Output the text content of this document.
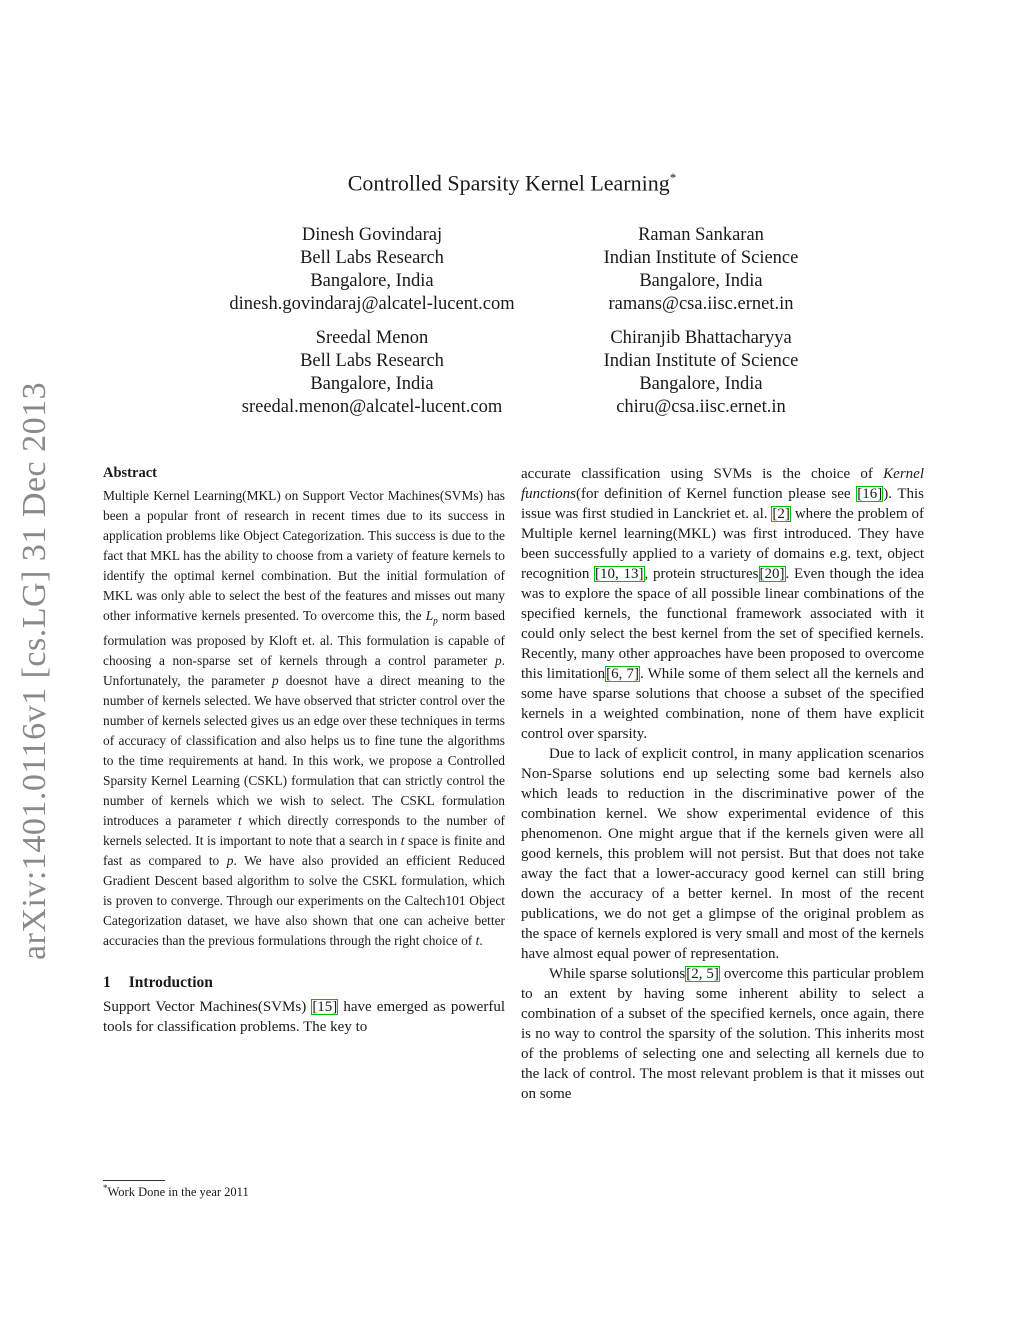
arXiv:1401.0116v1 [cs.LG] 31 Dec 2013
Controlled Sparsity Kernel Learning*
Dinesh Govindaraj
Bell Labs Research
Bangalore, India
dinesh.govindaraj@alcatel-lucent.com
Raman Sankaran
Indian Institute of Science
Bangalore, India
ramans@csa.iisc.ernet.in
Sreedal Menon
Bell Labs Research
Bangalore, India
sreedal.menon@alcatel-lucent.com
Chiranjib Bhattacharyya
Indian Institute of Science
Bangalore, India
chiru@csa.iisc.ernet.in
Abstract

Multiple Kernel Learning(MKL) on Support Vector Machines(SVMs) has been a popular front of research in recent times due to its success in application problems like Object Categorization. This success is due to the fact that MKL has the ability to choose from a variety of feature kernels to identify the optimal kernel combination. But the initial formulation of MKL was only able to select the best of the features and misses out many other informative kernels presented. To overcome this, the $L_p$ norm based formulation was proposed by Kloft et. al. This formulation is capable of choosing a non-sparse set of kernels through a control parameter p. Unfortunately, the parameter p doesnot have a direct meaning to the number of kernels selected. We have observed that stricter control over the number of kernels selected gives us an edge over these techniques in terms of accuracy of classification and also helps us to fine tune the algorithms to the time requirements at hand. In this work, we propose a Controlled Sparsity Kernel Learning (CSKL) formulation that can strictly control the number of kernels which we wish to select. The CSKL formulation introduces a parameter t which directly corresponds to the number of kernels selected. It is important to note that a search in t space is finite and fast as compared to p. We have also provided an efficient Reduced Gradient Descent based algorithm to solve the CSKL formulation, which is proven to converge. Through our experiments on the Caltech101 Object Categorization dataset, we have also shown that one can acheive better accuracies than the previous formulations through the right choice of t.

1 Introduction

Support Vector Machines(SVMs) [15] have emerged as powerful tools for classification problems. The key to

accurate classification using SVMs is the choice of Kernel functions(for definition of Kernel function please see [16]). This issue was first studied in Lanckriet et. al. [2] where the problem of Multiple kernel learning(MKL) was first introduced. They have been successfully applied to a variety of domains e.g. text, object recognition [10, 13], protein structures[20]. Even though the idea was to explore the space of all possible linear combinations of the specified kernels, the functional framework associated with it could only select the best kernel from the set of specified kernels. Recently, many other approaches have been proposed to overcome this limitation[6, 7]. While some of them select all the kernels and some have sparse solutions that choose a subset of the specified kernels in a weighted combination, none of them have explicit control over sparsity.

Due to lack of explicit control, in many application scenarios Non-Sparse solutions end up selecting some bad kernels also which leads to reduction in the discriminative power of the combination kernel. We show experimental evidence of this phenomenon. One might argue that if the kernels given were all good kernels, this problem will not persist. But that does not take away the fact that a lower-accuracy good kernel can still bring down the accuracy of a better kernel. In most of the recent publications, we do not get a glimpse of the original problem as the space of kernels explored is very small and most of the kernels have almost equal power of representation.

While sparse solutions[2, 5] overcome this particular problem to an extent by having some inherent ability to select a combination of a subset of the specified kernels, once again, there is no way to control the sparsity of the solution. This inherits most of the problems of selecting one and selecting all kernels due to the lack of control. The most relevant problem is that it misses out on some

*Work Done in the year 2011
